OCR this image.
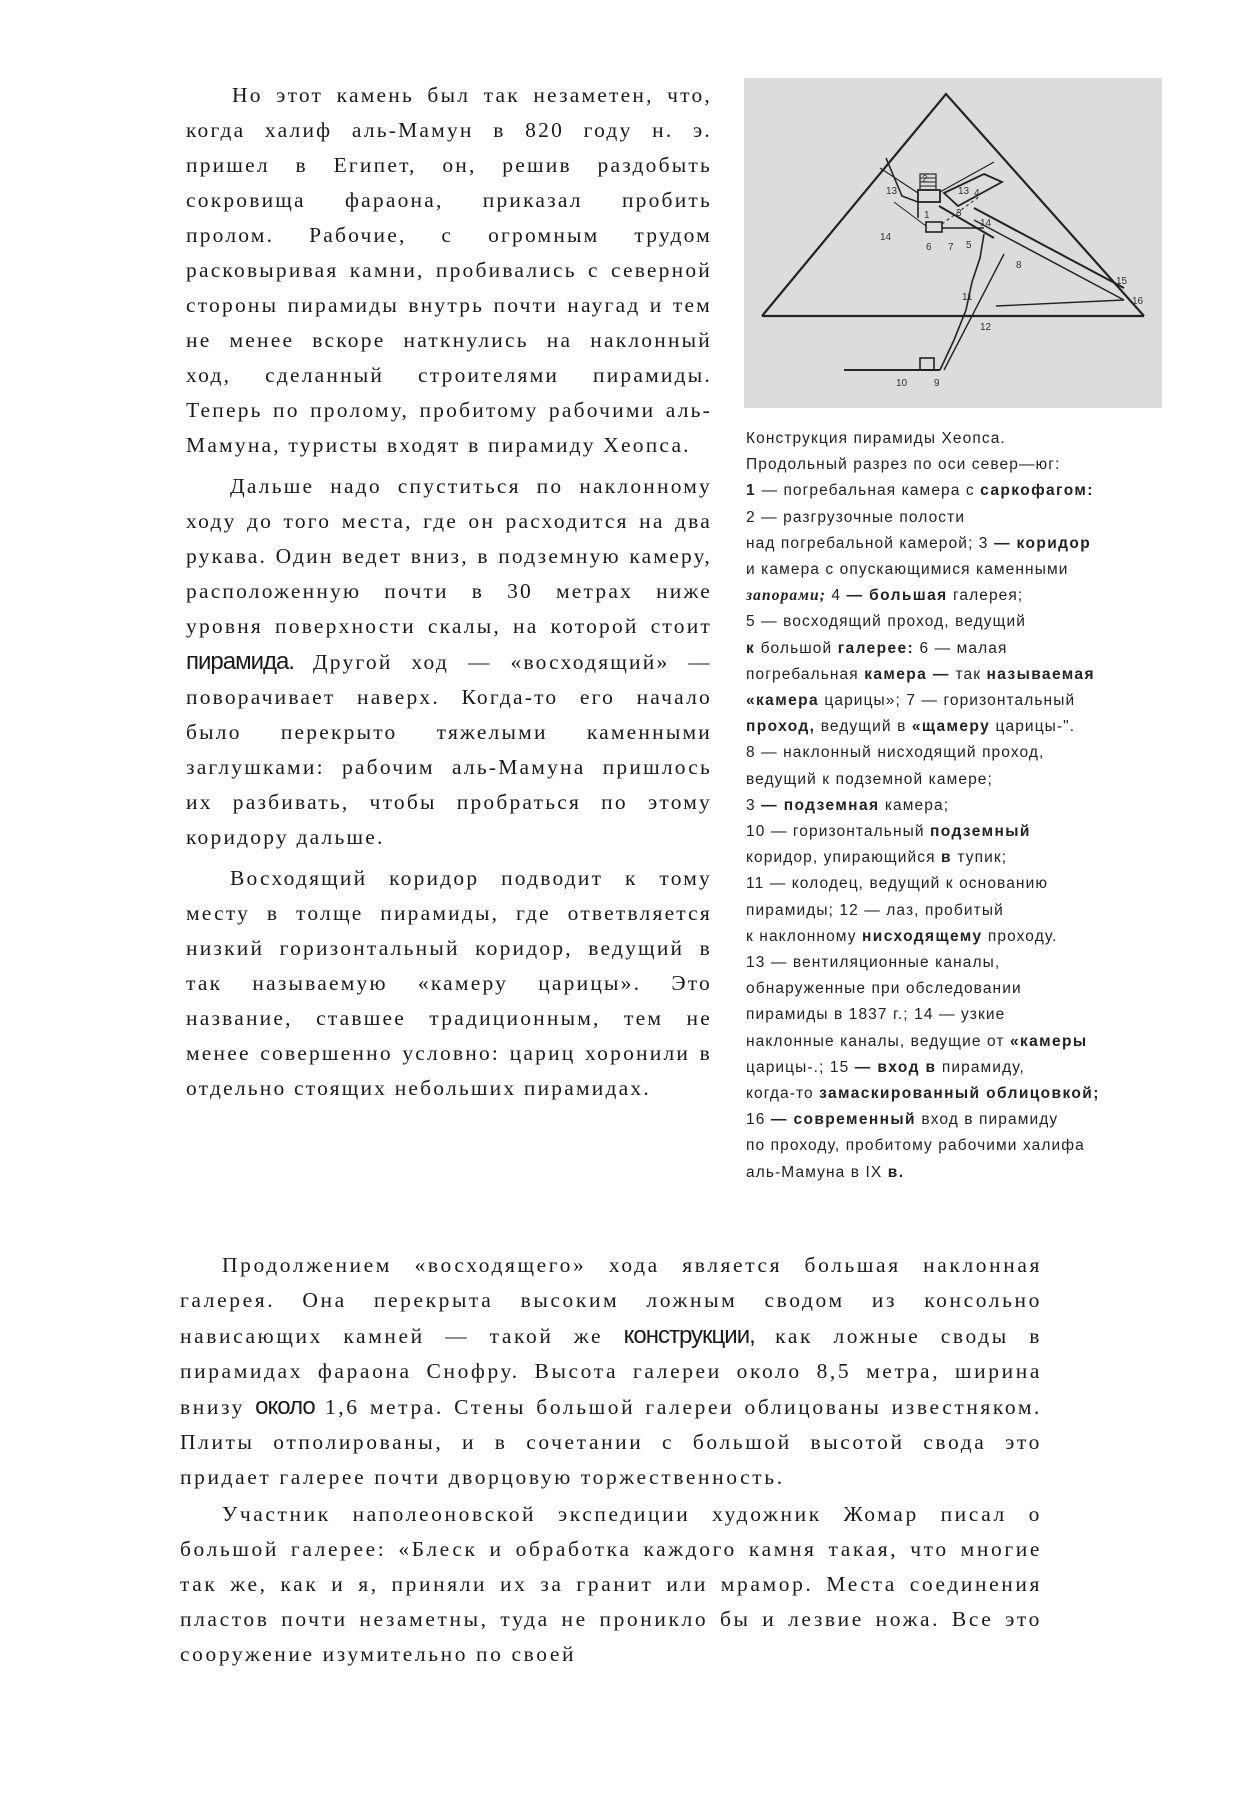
Но этот камень был так незаметен, что, когда халиф аль-Мамун в 820 году н. э. пришел в Египет, он, решив раздобыть сокровища фараона, приказал пробить пролом. Рабочие, с огромным трудом расковыривая камни, пробивались с северной стороны пирамиды внутрь почти наугад и тем не менее вскоре наткнулись на наклонный ход, сделанный строителями пирамиды. Теперь по пролому, пробитому рабочими аль-Мамуна, туристы входят в пирамиду Хеопса.

Дальше надо спуститься по наклонному ходу до того места, где он расходится на два рукава. Один ведет вниз, в подземную камеру, расположенную почти в 30 метрах ниже уровня поверхности скалы, на которой стоит пирамида. Другой ход — «восходящий» — поворачивает наверх. Когда-то его начало было перекрыто тяжелыми каменными заглушками: рабочим аль-Мамуна пришлось их разбивать, чтобы пробраться по этому коридору дальше.

Восходящий коридор подводит к тому месту в толще пирамиды, где ответвляется низкий горизонтальный коридор, ведущий в так называемую «камеру царицы». Это название, ставшее традиционным, тем не менее совершенно условно: цариц хоронили в отдельно стоящих небольших пирамидах.

13	13
14
14
1
2
3
4
5
6 7
8
11
12
15
16
10	9
Конструкция пирамиды Хеопса.
Продольный разрез по оси север—юг:
1 — погребальная камера с саркофагом:
2 — разгрузочные полости
над погребальной камерой; 3 — коридор
и камера с опускающимися каменными
запорами; 4 — большая галерея;
5 — восходящий проход, ведущий
к большой галерее: 6 — малая
погребальная камера — так называемая
«камера царицы»; 7 — горизонтальный
проход, ведущий в «щамеру царицы-".
8 — наклонный нисходящий проход,
ведущий к подземной камере;
3 — подземная камера;
10 — горизонтальный подземный
коридор, упирающийся в тупик;
11 — колодец, ведущий к основанию
пирамиды; 12 — лаз, пробитый
к наклонному нисходящему проходу.
13 — вентиляционные каналы,
обнаруженные при обследовании
пирамиды в 1837 г.; 14 — узкие
наклонные каналы, ведущие от «камеры
царицы-.; 15 — вход в пирамиду,
когда-то замаскированный облицовкой;
16 — современный вход в пирамиду
по проходу, пробитому рабочими халифа
аль-Мамуна в IX в.

Продолжением «восходящего» хода является большая наклонная галерея. Она перекрыта высоким ложным сводом из консольно нависающих камней — такой же конструкции, как ложные своды в пирамидах фараона Снофру. Высота галереи около 8,5 метра, ширина внизу около 1,6 метра. Стены большой галереи облицованы известняком. Плиты отполированы, и в сочетании с большой высотой свода это придает галерее почти дворцовую торжественность.

Участник наполеоновской экспедиции художник Жомар писал о большой галерее: «Блеск и обработка каждого камня такая, что многие так же, как и я, приняли их за гранит или мрамор. Места соединения пластов почти незаметны, туда не проникло бы и лезвие ножа. Все это сооружение изумительно по своей
